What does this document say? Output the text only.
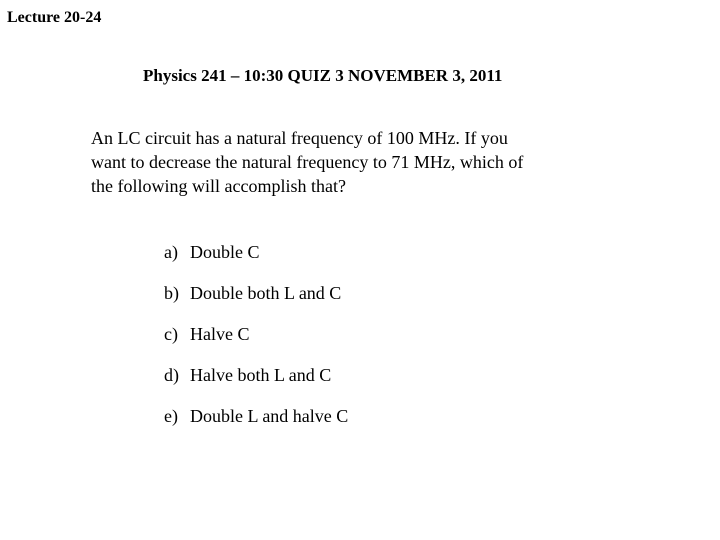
Lecture 20-24
Physics 241 – 10:30 QUIZ 3 NOVEMBER 3, 2011
An LC circuit has a natural frequency of 100 MHz. If you
want to decrease the natural frequency to 71 MHz, which of
the following will accomplish that?
a) Double C
b) Double both L and C
c) Halve C
d) Halve both L and C
e) Double L and halve C
